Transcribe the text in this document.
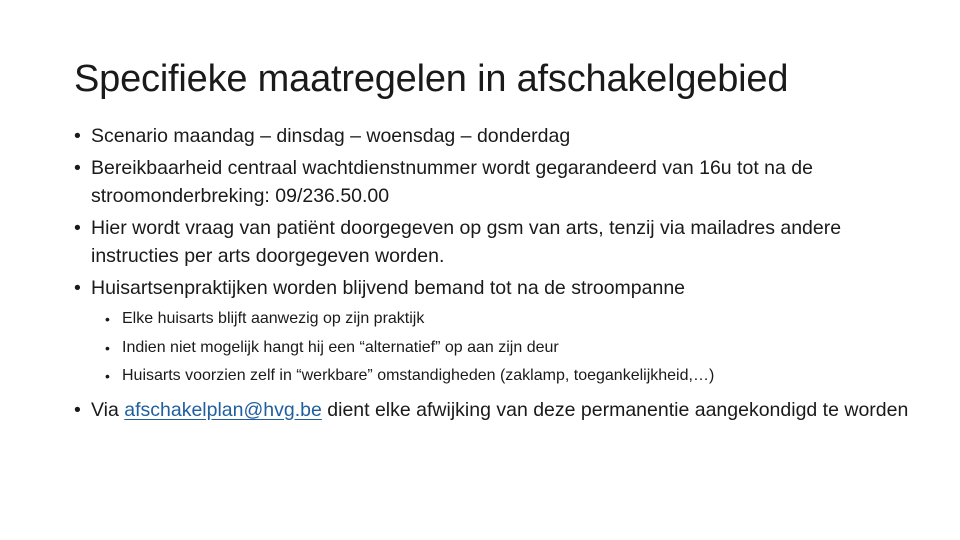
Specifieke maatregelen in afschakelgebied
• Scenario maandag – dinsdag – woensdag – donderdag
• Bereikbaarheid centraal wachtdienstnummer wordt gegarandeerd van 16u tot na de stroomonderbreking: 09/236.50.00
• Hier wordt vraag van patiënt doorgegeven op gsm van arts, tenzij via mailadres andere instructies per arts doorgegeven worden.
• Huisartsenpraktijken worden blijvend bemand tot na de stroompanne
• Elke huisarts blijft aanwezig op zijn praktijk
• Indien niet mogelijk hangt hij een “alternatief” op aan zijn deur
• Huisarts voorzien zelf in “werkbare” omstandigheden (zaklamp, toegankelijkheid,…)
• Via afschakelplan@hvg.be dient elke afwijking van deze permanentie aangekondigd te worden
